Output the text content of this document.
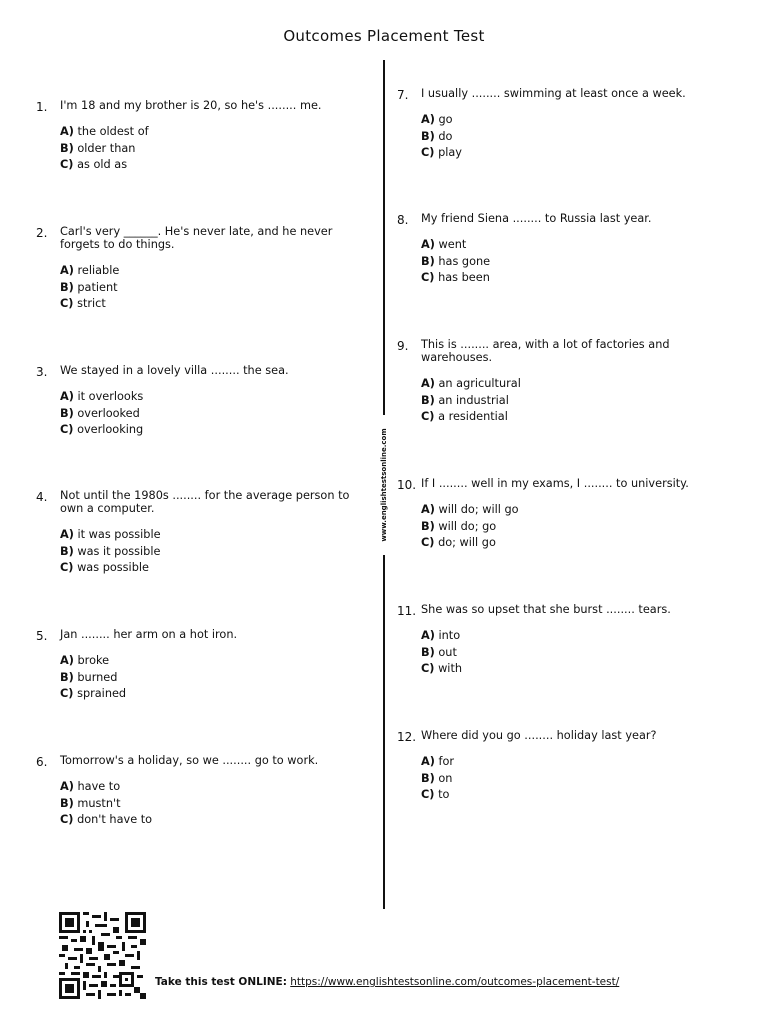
Outcomes Placement Test
www.englishtestsonline.com
1. I'm 18 and my brother is 20, so he's ........ me.
A) the oldest of
B) older than
C) as old as
2. Carl's very ______. He's never late, and he never forgets to do things.
A) reliable
B) patient
C) strict
3. We stayed in a lovely villa ........ the sea.
A) it overlooks
B) overlooked
C) overlooking
4. Not until the 1980s ........ for the average person to own a computer.
A) it was possible
B) was it possible
C) was possible
5. Jan ........ her arm on a hot iron.
A) broke
B) burned
C) sprained
6. Tomorrow's a holiday, so we ........ go to work.
A) have to
B) mustn't
C) don't have to
7. I usually ........ swimming at least once a week.
A) go
B) do
C) play
8. My friend Siena ........ to Russia last year.
A) went
B) has gone
C) has been
9. This is ........ area, with a lot of factories and warehouses.
A) an agricultural
B) an industrial
C) a residential
10. If I ........ well in my exams, I ........ to university.
A) will do; will go
B) will do; go
C) do; will go
11. She was so upset that she burst ........ tears.
A) into
B) out
C) with
12. Where did you go ........ holiday last year?
A) for
B) on
C) to
Take this test ONLINE: https://www.englishtestsonline.com/outcomes-placement-test/
